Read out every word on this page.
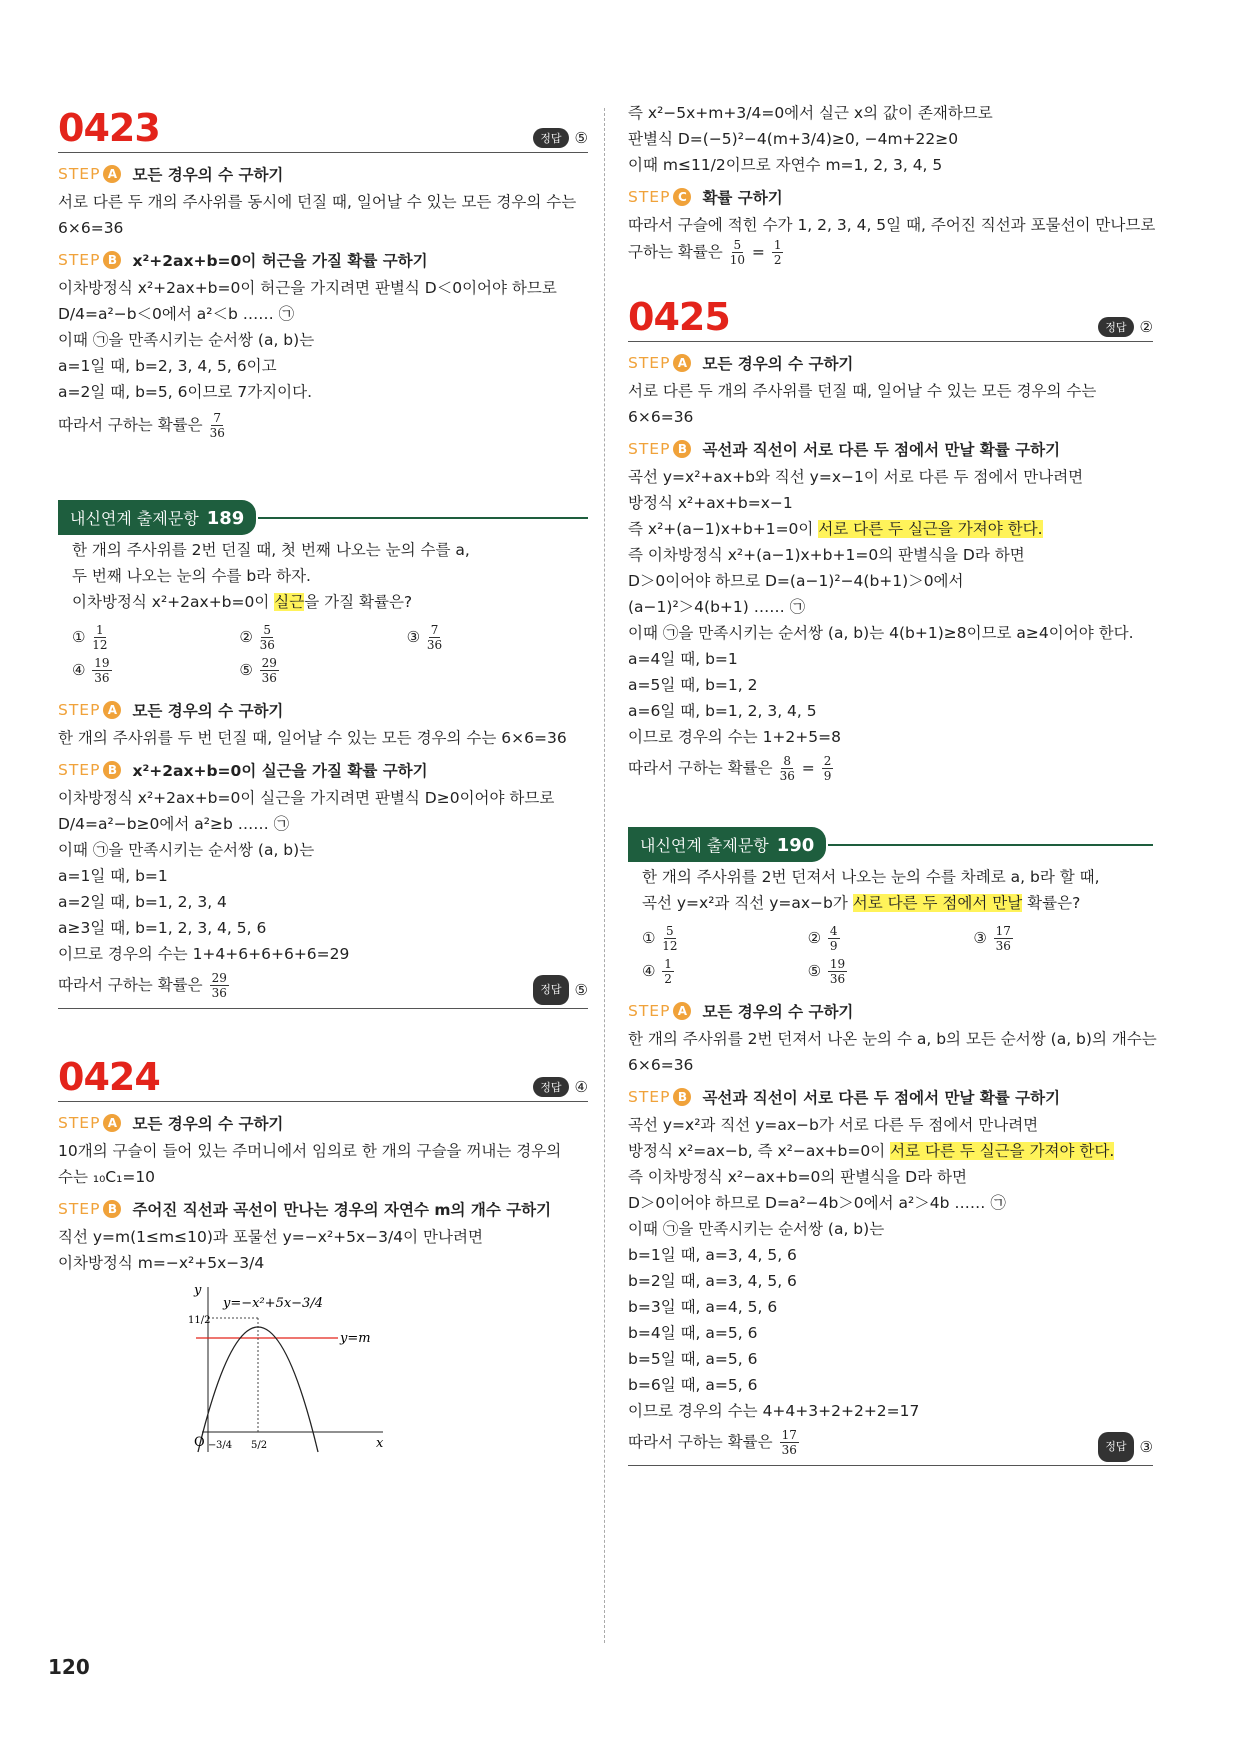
0423	정답 ⑤
STEP A 모든 경우의 수 구하기
서로 다른 두 개의 주사위를 동시에 던질 때, 일어날 수 있는 모든 경우의 수는
6×6=36
STEP B x²+2ax+b=0이 허근을 가질 확률 구하기
이차방정식 x²+2ax+b=0이 허근을 가지려면 판별식 D＜0이어야 하므로
D/4=a²−b＜0에서 a²＜b …… ㉠
이때 ㉠을 만족시키는 순서쌍 (a, b)는
a=1일 때, b=2, 3, 4, 5, 6이고
a=2일 때, b=5, 6이므로 7가지이다.
따라서 구하는 확률은 $\frac{7}{36}$
내신연계 출제문항 189
한 개의 주사위를 2번 던질 때, 첫 번째 나오는 눈의 수를 a,
두 번째 나오는 눈의 수를 b라 하자.
이차방정식 x²+2ax+b=0이 실근을 가질 확률은?
① $\frac{1}{12}$	② $\frac{5}{36}$	③ $\frac{7}{36}$
④ $\frac{19}{36}$	⑤ $\frac{29}{36}$
STEP A 모든 경우의 수 구하기
한 개의 주사위를 두 번 던질 때, 일어날 수 있는 모든 경우의 수는 6×6=36
STEP B x²+2ax+b=0이 실근을 가질 확률 구하기
이차방정식 x²+2ax+b=0이 실근을 가지려면 판별식 D≥0이어야 하므로
D/4=a²−b≥0에서 a²≥b …… ㉠
이때 ㉠을 만족시키는 순서쌍 (a, b)는
a=1일 때, b=1
a=2일 때, b=1, 2, 3, 4
a≥3일 때, b=1, 2, 3, 4, 5, 6
이므로 경우의 수는 1+4+6+6+6+6=29
따라서 구하는 확률은 $\frac{29}{36}$	정답 ⑤
0424	정답 ④
STEP A 모든 경우의 수 구하기
10개의 구슬이 들어 있는 주머니에서 임의로 한 개의 구슬을 꺼내는 경우의
수는 ₁₀C₁=10
STEP B 주어진 직선과 곡선이 만나는 경우의 자연수 m의 개수 구하기
직선 y=m(1≤m≤10)과 포물선 y=−x²+5x−3/4이 만나려면
이차방정식 m=−x²+5x−3/4
y=−x²+5x−3/4
y=m
y
x
O
11/2
− 3/4 5/2
즉 x²−5x+m+3/4=0에서 실근 x의 값이 존재하므로
판별식 D=(−5)²−4(m+3/4)≥0, −4m+22≥0
이때 m≤11/2이므로 자연수 m=1, 2, 3, 4, 5
STEP C 확률 구하기
따라서 구슬에 적힌 수가 1, 2, 3, 4, 5일 때, 주어진 직선과 포물선이 만나므로
구하는 확률은 $\frac{5}{10} = \frac{1}{2}$
0425	정답 ②
STEP A 모든 경우의 수 구하기
서로 다른 두 개의 주사위를 던질 때, 일어날 수 있는 모든 경우의 수는
6×6=36
STEP B 곡선과 직선이 서로 다른 두 점에서 만날 확률 구하기
곡선 y=x²+ax+b와 직선 y=x−1이 서로 다른 두 점에서 만나려면
방정식 x²+ax+b=x−1
즉 x²+(a−1)x+b+1=0이 서로 다른 두 실근을 가져야 한다.
즉 이차방정식 x²+(a−1)x+b+1=0의 판별식을 D라 하면
D＞0이어야 하므로 D=(a−1)²−4(b+1)＞0에서
(a−1)²＞4(b+1) …… ㉠
이때 ㉠을 만족시키는 순서쌍 (a, b)는 4(b+1)≥8이므로 a≥4이어야 한다.
a=4일 때, b=1
a=5일 때, b=1, 2
a=6일 때, b=1, 2, 3, 4, 5
이므로 경우의 수는 1+2+5=8
따라서 구하는 확률은 $\frac{8}{36} = \frac{2}{9}$
내신연계 출제문항 190
한 개의 주사위를 2번 던져서 나오는 눈의 수를 차례로 a, b라 할 때,
곡선 y=x²과 직선 y=ax−b가 서로 다른 두 점에서 만날 확률은?
① $\frac{5}{12}$	② $\frac{4}{9}$	③ $\frac{17}{36}$
④ $\frac{1}{2}$	⑤ $\frac{19}{36}$
STEP A 모든 경우의 수 구하기
한 개의 주사위를 2번 던져서 나온 눈의 수 a, b의 모든 순서쌍 (a, b)의 개수는
6×6=36
STEP B 곡선과 직선이 서로 다른 두 점에서 만날 확률 구하기
곡선 y=x²과 직선 y=ax−b가 서로 다른 두 점에서 만나려면
방정식 x²=ax−b, 즉 x²−ax+b=0이 서로 다른 두 실근을 가져야 한다.
즉 이차방정식 x²−ax+b=0의 판별식을 D라 하면
D＞0이어야 하므로 D=a²−4b＞0에서 a²＞4b …… ㉠
이때 ㉠을 만족시키는 순서쌍 (a, b)는
b=1일 때, a=3, 4, 5, 6
b=2일 때, a=3, 4, 5, 6
b=3일 때, a=4, 5, 6
b=4일 때, a=5, 6
b=5일 때, a=5, 6
b=6일 때, a=5, 6
이므로 경우의 수는 4+4+3+2+2+2=17
따라서 구하는 확률은 $\frac{17}{36}$	정답 ③
120
